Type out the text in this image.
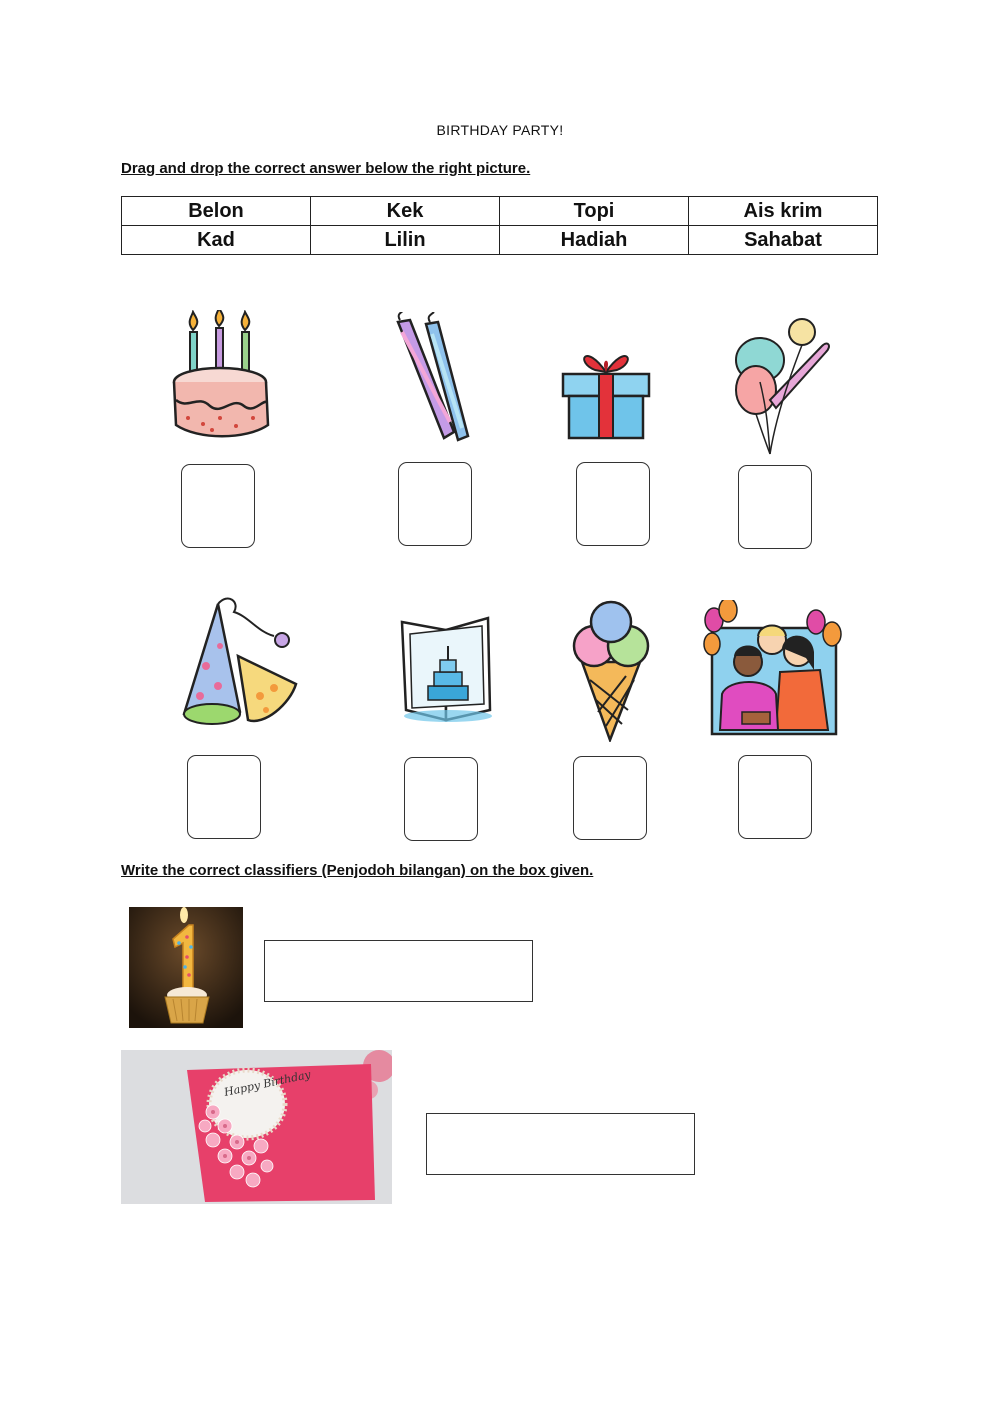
BIRTHDAY PARTY!
Drag and drop the correct answer below the right picture.
Belon	Kek	Topi	Ais krim
Kad	Lilin	Hadiah	Sahabat
Write the correct classifiers (Penjodoh bilangan) on the box given.
Happy Birthday
